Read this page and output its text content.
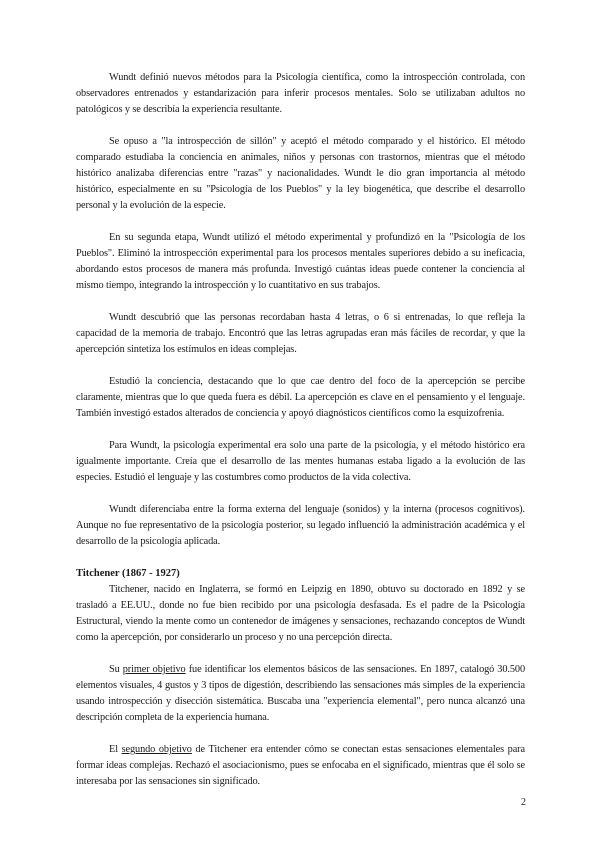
Wundt definió nuevos métodos para la Psicología científica, como la introspección controlada, con observadores entrenados y estandarización para inferir procesos mentales. Solo se utilizaban adultos no patológicos y se describía la experiencia resultante.

Se opuso a "la introspección de sillón" y aceptó el método comparado y el histórico. El método comparado estudiaba la conciencia en animales, niños y personas con trastornos, mientras que el método histórico analizaba diferencias entre "razas" y nacionalidades. Wundt le dio gran importancia al método histórico, especialmente en su "Psicología de los Pueblos" y la ley biogenética, que describe el desarrollo personal y la evolución de la especie.

En su segunda etapa, Wundt utilizó el método experimental y profundizó en la "Psicología de los Pueblos". Eliminó la introspección experimental para los procesos mentales superiores debido a su ineficacia, abordando estos procesos de manera más profunda. Investigó cuántas ideas puede contener la conciencia al mismo tiempo, integrando la introspección y lo cuantitativo en sus trabajos.

Wundt descubrió que las personas recordaban hasta 4 letras, o 6 si entrenadas, lo que refleja la capacidad de la memoria de trabajo. Encontró que las letras agrupadas eran más fáciles de recordar, y que la apercepción sintetiza los estímulos en ideas complejas.

Estudió la conciencia, destacando que lo que cae dentro del foco de la apercepción se percibe claramente, mientras que lo que queda fuera es débil. La apercepción es clave en el pensamiento y el lenguaje. También investigó estados alterados de conciencia y apoyó diagnósticos científicos como la esquizofrenia.

Para Wundt, la psicología experimental era solo una parte de la psicología, y el método histórico era igualmente importante. Creía que el desarrollo de las mentes humanas estaba ligado a la evolución de las especies. Estudió el lenguaje y las costumbres como productos de la vida colectiva.

Wundt diferenciaba entre la forma externa del lenguaje (sonidos) y la interna (procesos cognitivos). Aunque no fue representativo de la psicología posterior, su legado influenció la administración académica y el desarrollo de la psicología aplicada.

Titchener (1867 - 1927)

Titchener, nacido en Inglaterra, se formó en Leipzig en 1890, obtuvo su doctorado en 1892 y se trasladó a EE.UU., donde no fue bien recibido por una psicología desfasada. Es el padre de la Psicología Estructural, viendo la mente como un contenedor de imágenes y sensaciones, rechazando conceptos de Wundt como la apercepción, por considerarlo un proceso y no una percepción directa.

Su primer objetivo fue identificar los elementos básicos de las sensaciones. En 1897, catalogó 30.500 elementos visuales, 4 gustos y 3 tipos de digestión, describiendo las sensaciones más simples de la experiencia usando introspección y disección sistemática. Buscaba una "experiencia elemental", pero nunca alcanzó una descripción completa de la experiencia humana.

El segundo objetivo de Titchener era entender cómo se conectan estas sensaciones elementales para formar ideas complejas. Rechazó el asociacionismo, pues se enfocaba en el significado, mientras que él solo se interesaba por las sensaciones sin significado.

2
